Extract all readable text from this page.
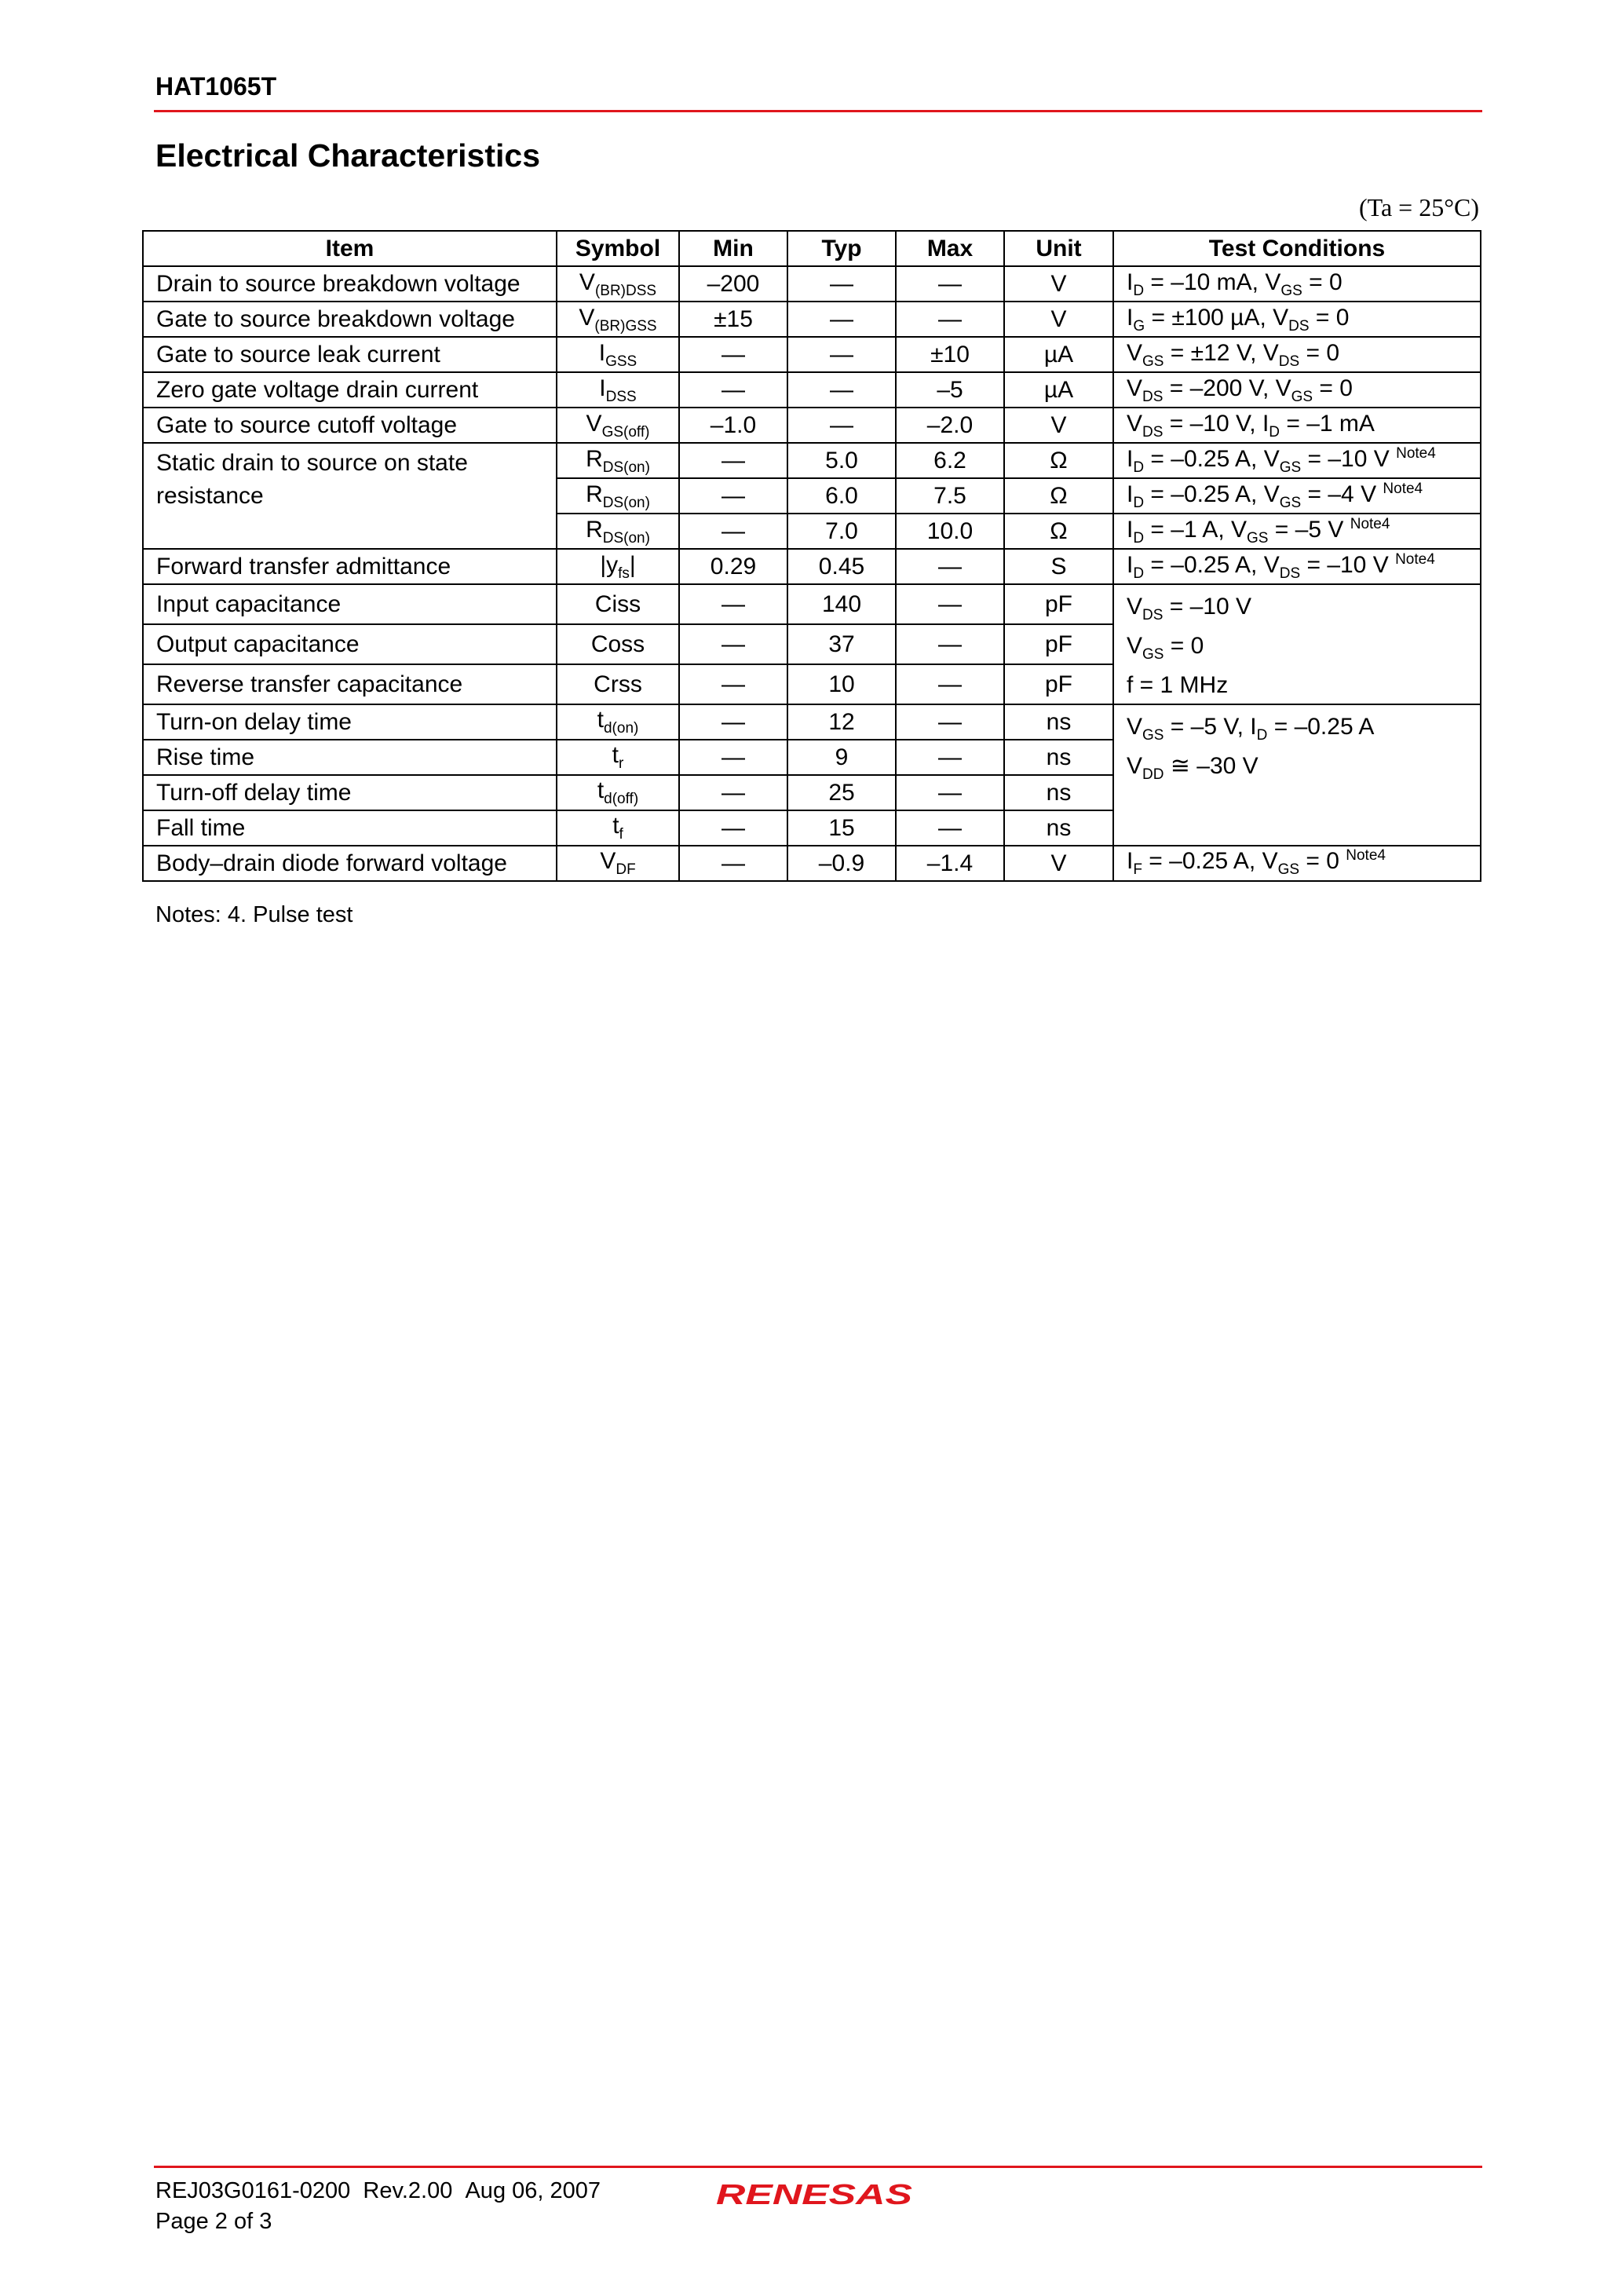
HAT1065T
Electrical Characteristics
(Ta = 25°C)
Item	Symbol	Min	Typ	Max	Unit	Test Conditions
Drain to source breakdown voltage	$V_{(BR)DSS}$	–200	—	—	V	$I_D = -10$ mA, $V_{GS} = 0$
Gate to source breakdown voltage	$V_{(BR)GSS}$	±15	—	—	V	$I_G = \pm 100$ µA, $V_{DS} = 0$
Gate to source leak current	$I_{GSS}$	—	—	±10	µA	$V_{GS} = \pm 12$ V, $V_{DS} = 0$
Zero gate voltage drain current	$I_{DSS}$	—	—	–5	µA	$V_{DS} = -200$ V, $V_{GS} = 0$
Gate to source cutoff voltage	$V_{GS(off)}$	–1.0	—	–2.0	V	$V_{DS} = -10$ V, $I_D = -1$ mA
Static drain to source on state resistance	$R_{DS(on)}$	—	5.0	6.2	Ω	$I_D = -0.25$ A, $V_{GS} = -10$ V $^{Note4}$
	$R_{DS(on)}$	—	6.0	7.5	Ω	$I_D = -0.25$ A, $V_{GS} = -4$ V $^{Note4}$
	$R_{DS(on)}$	—	7.0	10.0	Ω	$I_D = -1$ A, $V_{GS} = -5$ V $^{Note4}$
Forward transfer admittance	$|y_{fs}|$	0.29	0.45	—	S	$I_D = -0.25$ A, $V_{DS} = -10$ V $^{Note4}$
Input capacitance	Ciss	—	140	—	pF	$V_{DS} = -10$ V
$V_{GS} = 0$
f = 1 MHz

Output capacitance	Coss	—	37	—	pF	
Reverse transfer capacitance	Crss	—	10	—	pF	
Turn-on delay time	$t_{d(on)}$	—	12	—	ns	$V_{GS} = -5$ V, $I_D = -0.25$ A
$V_{DD}$ ≅ –30 V

Rise time	$t_r$	—	9	—	ns	
Turn-off delay time	$t_{d(off)}$	—	25	—	ns	
Fall time	$t_f$	—	15	—	ns	
Body–drain diode forward voltage	$V_{DF}$	—	–0.9	–1.4	V	$I_F = -0.25$ A, $V_{GS} = 0$ $^{Note4}$
Notes: 4. Pulse test
REJ03G0161-0200 Rev.2.00 Aug 06, 2007
Page 2 of 3
RENESAS
